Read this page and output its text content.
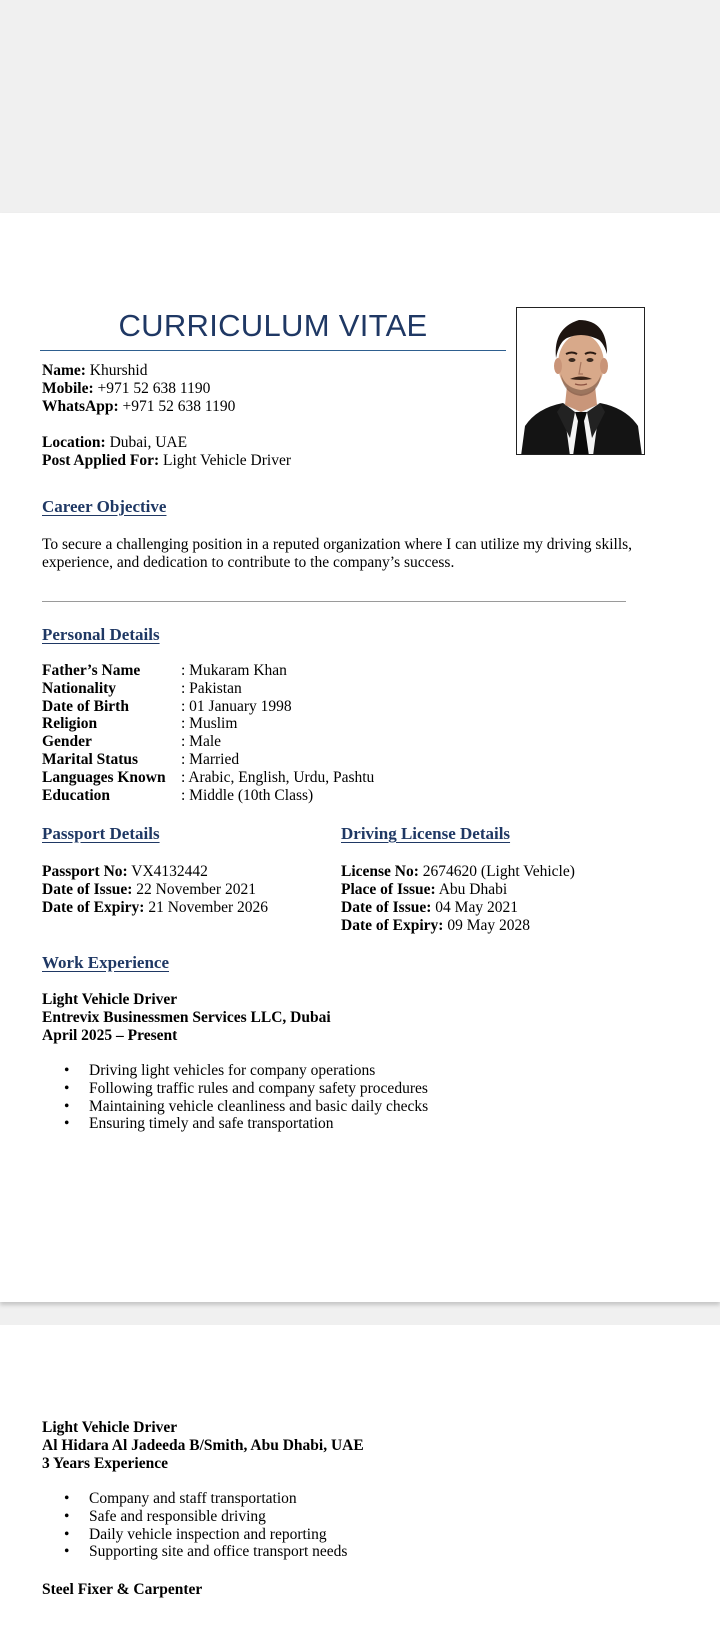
CURRICULUM VITAE
Name: Khurshid
Mobile: +971 52 638 1190
WhatsApp: +971 52 638 1190
Location: Dubai, UAE
Post Applied For: Light Vehicle Driver
Career Objective
To secure a challenging position in a reputed organization where I can utilize my driving skills, experience, and dedication to contribute to the company’s success.
Personal Details
Father’s Name	: Mukaram Khan
Nationality	: Pakistan
Date of Birth	: 01 January 1998
Religion	: Muslim
Gender	: Male
Marital Status	: Married
Languages Known : Arabic, English, Urdu, Pashtu
Education	: Middle (10th Class)
Passport Details
Passport No: VX4132442
Date of Issue: 22 November 2021
Date of Expiry: 21 November 2026
Driving License Details
License No: 2674620 (Light Vehicle)
Place of Issue: Abu Dhabi
Date of Issue: 04 May 2021
Date of Expiry: 09 May 2028
Work Experience
Light Vehicle Driver
Entrevix Businessmen Services LLC, Dubai
April 2025 – Present
• Driving light vehicles for company operations
• Following traffic rules and company safety procedures
• Maintaining vehicle cleanliness and basic daily checks
• Ensuring timely and safe transportation
Light Vehicle Driver
Al Hidara Al Jadeeda B/Smith, Abu Dhabi, UAE
3 Years Experience
• Company and staff transportation
• Safe and responsible driving
• Daily vehicle inspection and reporting
• Supporting site and office transport needs
Steel Fixer & Carpenter
